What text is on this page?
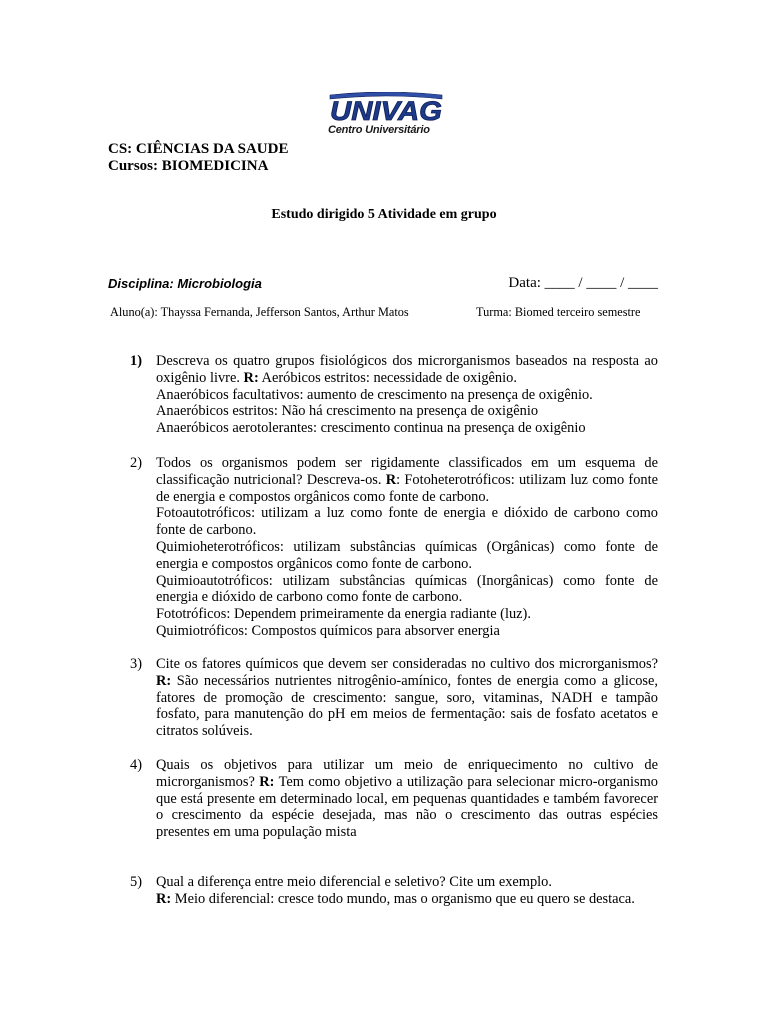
UNIVAG
Centro Universitário
CS: CIÊNCIAS DA SAUDE
Cursos: BIOMEDICINA
Estudo dirigido 5 Atividade em grupo
Disciplina: Microbiologia	Data: ____ / ____ / ____
Aluno(a): Thayssa Fernanda, Jefferson Santos, Arthur Matos	Turma: Biomed terceiro semestre
1) Descreva os quatro grupos fisiológicos dos microrganismos baseados na resposta ao oxigênio livre. R: Aeróbicos estritos: necessidade de oxigênio.
Anaeróbicos facultativos: aumento de crescimento na presença de oxigênio.
Anaeróbicos estritos: Não há crescimento na presença de oxigênio
Anaeróbicos aerotolerantes: crescimento continua na presença de oxigênio
2) Todos os organismos podem ser rigidamente classificados em um esquema de classificação nutricional? Descreva-os. R: Fotoheterotróficos: utilizam luz como fonte de energia e compostos orgânicos como fonte de carbono.
Fotoautotróficos: utilizam a luz como fonte de energia e dióxido de carbono como fonte de carbono.
Quimioheterotróficos: utilizam substâncias químicas (Orgânicas) como fonte de energia e compostos orgânicos como fonte de carbono.
Quimioautotróficos: utilizam substâncias químicas (Inorgânicas) como fonte de energia e dióxido de carbono como fonte de carbono.
Fototróficos: Dependem primeiramente da energia radiante (luz).
Quimiotróficos: Compostos químicos para absorver energia
3) Cite os fatores químicos que devem ser consideradas no cultivo dos microrganismos? R: São necessários nutrientes nitrogênio-amínico, fontes de energia como a glicose, fatores de promoção de crescimento: sangue, soro, vitaminas, NADH e tampão fosfato, para manutenção do pH em meios de fermentação: sais de fosfato acetatos e citratos solúveis.
4) Quais os objetivos para utilizar um meio de enriquecimento no cultivo de microrganismos? R: Tem como objetivo a utilização para selecionar micro-organismo que está presente em determinado local, em pequenas quantidades e também favorecer o crescimento da espécie desejada, mas não o crescimento das outras espécies presentes em uma população mista
5) Qual a diferença entre meio diferencial e seletivo? Cite um exemplo.
R: Meio diferencial: cresce todo mundo, mas o organismo que eu quero se destaca.
